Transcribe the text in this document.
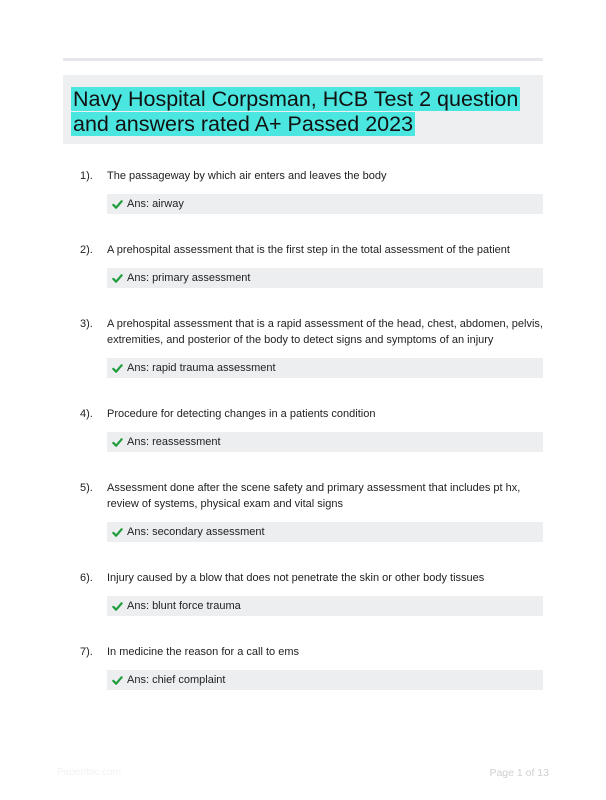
Navy Hospital Corpsman, HCB Test 2 question and answers rated A+ Passed 2023
1).	The passageway by which air enters and leaves the body
Ans: airway
2).	A prehospital assessment that is the first step in the total assessment of the patient
Ans: primary assessment
3).	A prehospital assessment that is a rapid assessment of the head, chest, abdomen, pelvis, extremities, and posterior of the body to detect signs and symptoms of an injury
Ans: rapid trauma assessment
4).	Procedure for detecting changes in a patients condition
Ans: reassessment
5).	Assessment done after the scene safety and primary assessment that includes pt hx, review of systems, physical exam and vital signs
Ans: secondary assessment
6).	Injury caused by a blow that does not penetrate the skin or other body tissues
Ans: blunt force trauma
7).	In medicine the reason for a call to ems
Ans: chief complaint
Papertbic.com	Page 1 of 13
